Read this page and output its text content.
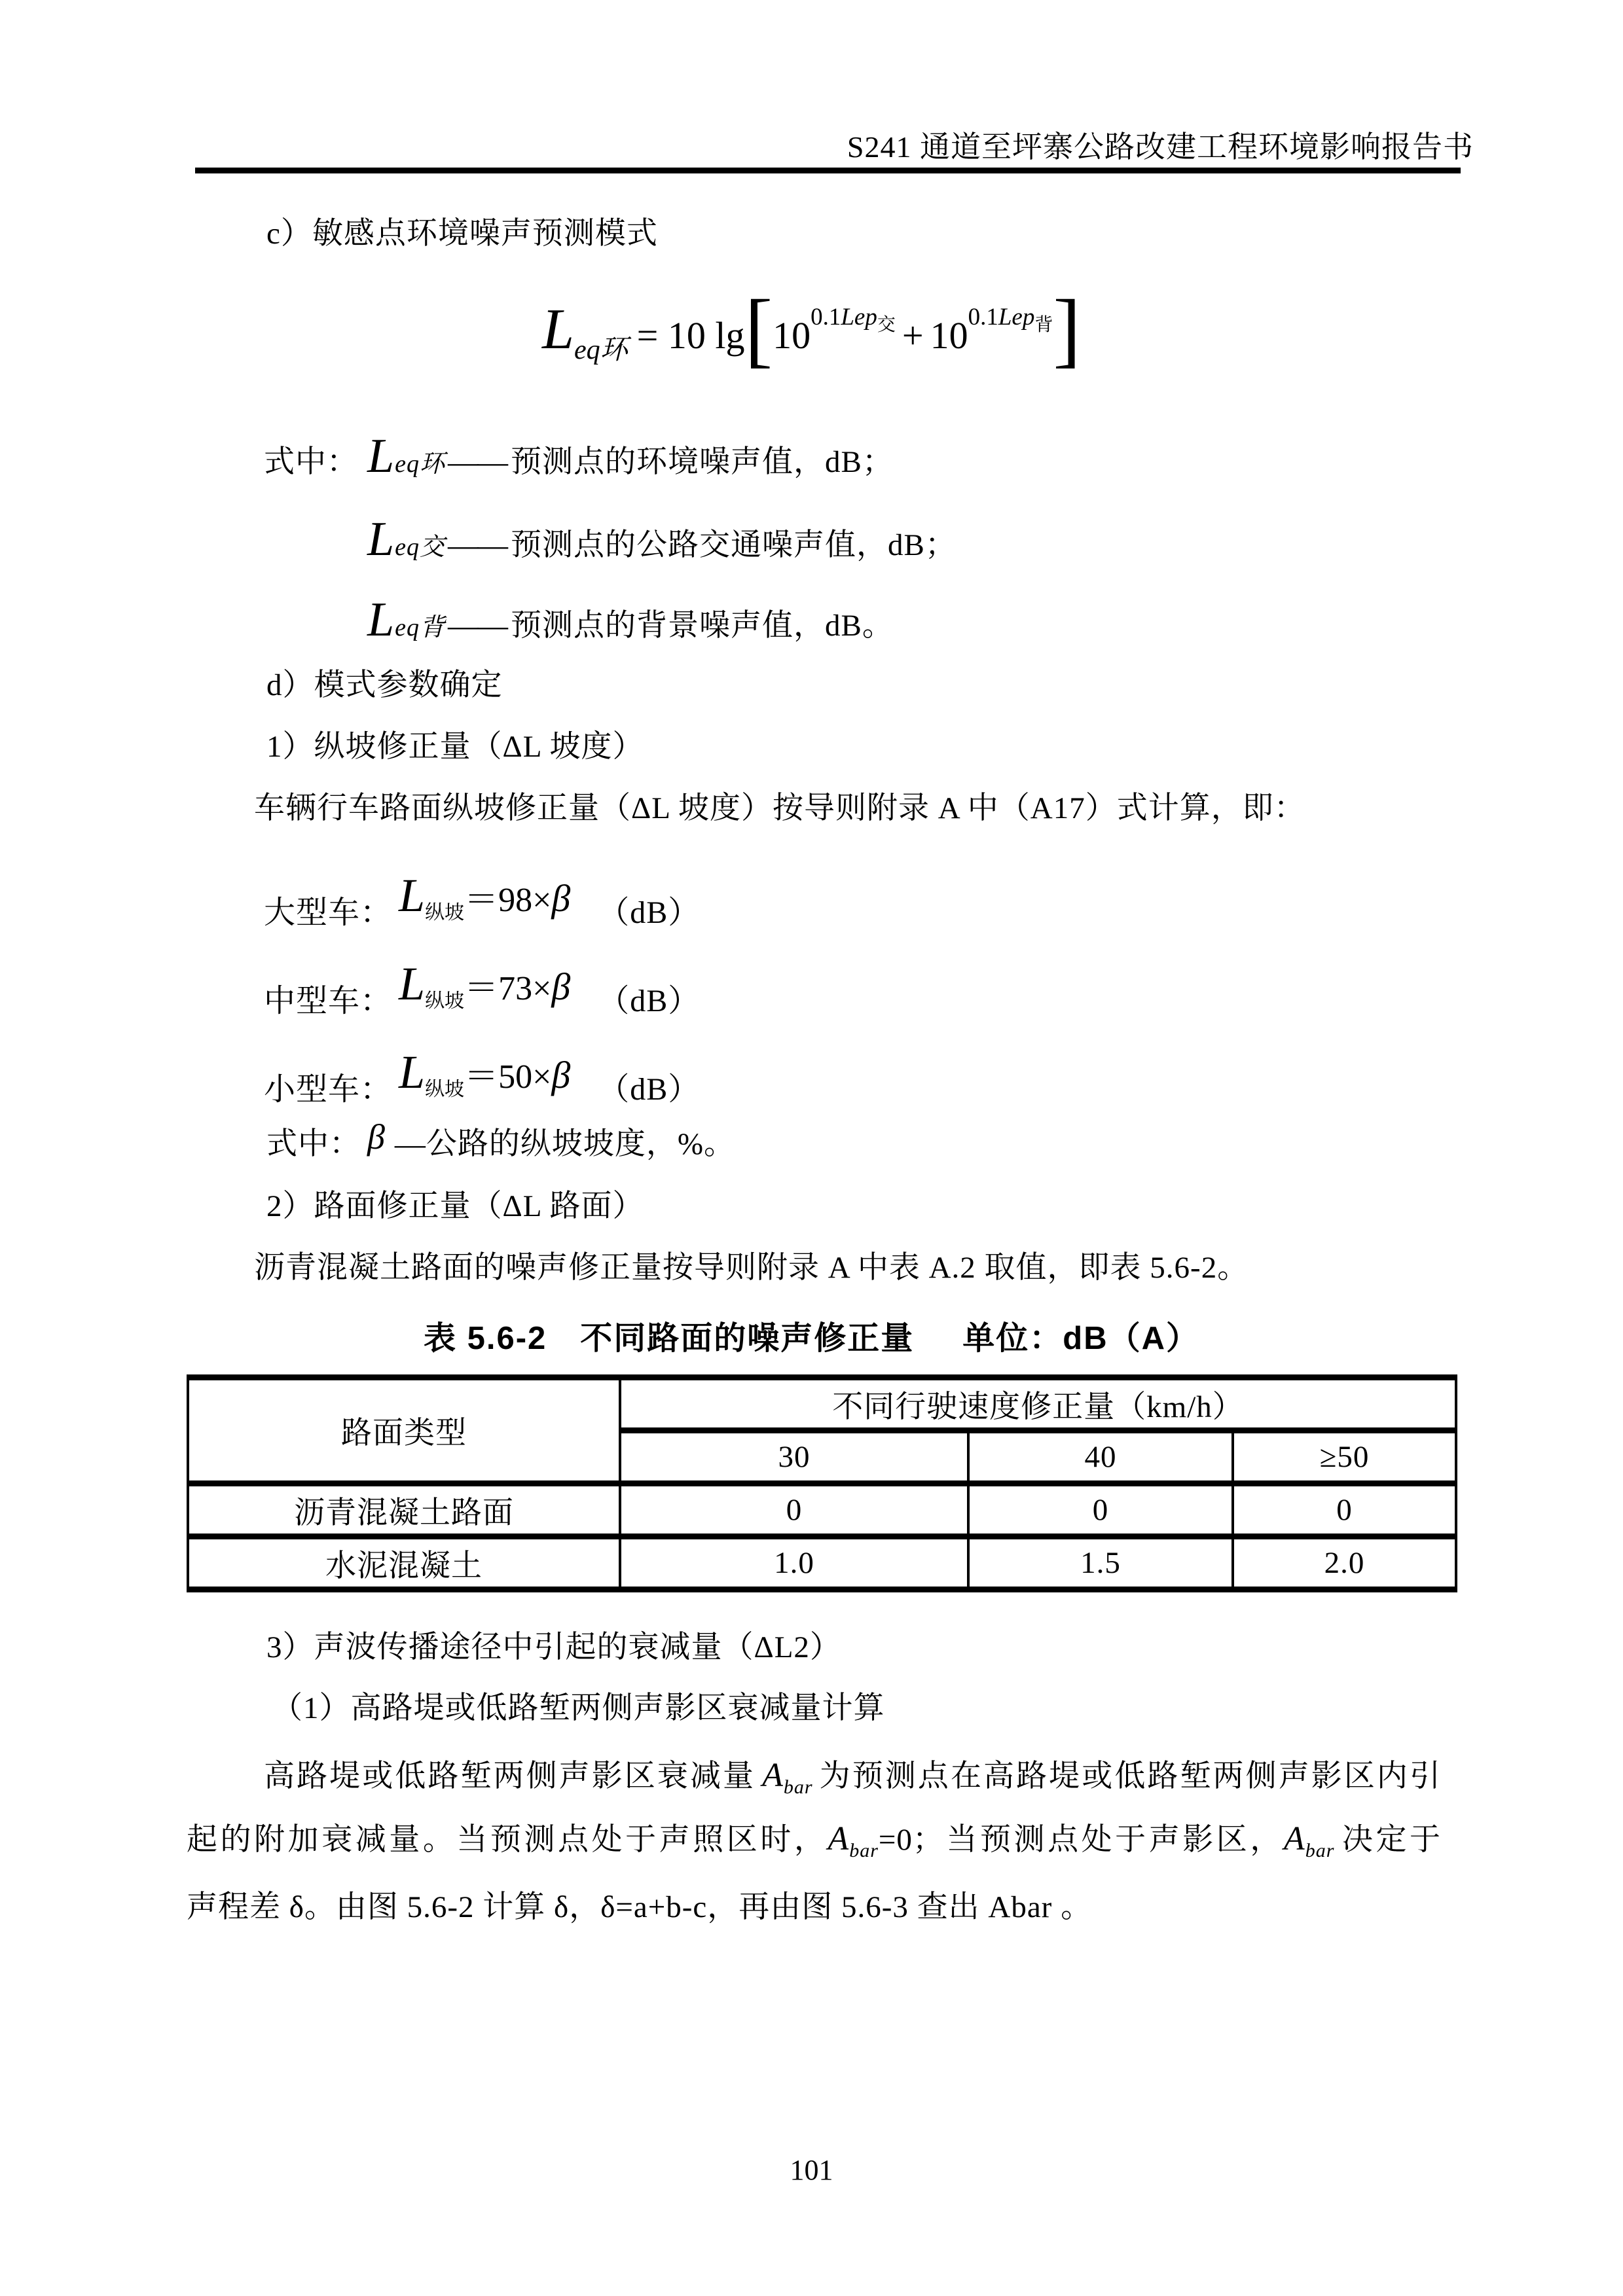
S241 通道至坪寨公路改建工程环境影响报告书
c）敏感点环境噪声预测模式
Leq环 = 10 lg[100.1Lep$_交$ + 100.1Lep$_背$]
式中： L eq环 —— 预测点的环境噪声值，dB；
L eq交 —— 预测点的公路交通噪声值，dB；
L eq背 —— 预测点的背景噪声值，dB。
d）模式参数确定
1）纵坡修正量（ΔL 坡度）
车辆行车路面纵坡修正量（ΔL 坡度）按导则附录 A 中（A17）式计算，即：
大型车： $L_{纵坡}=98\times\beta$ （dB）
中型车： $L_{纵坡}=73\times\beta$ （dB）
小型车： $L_{纵坡}=50\times\beta$ （dB）
式中： β —公路的纵坡坡度，%。
2）路面修正量（ΔL 路面）
沥青混凝土路面的噪声修正量按导则附录 A 中表 A.2 取值，即表 5.6-2。
表 5.6-2　不同路面的噪声修正量 单位：dB（A）
路面类型	不同行驶速度修正量（km/h）		
	30	40	≥50
沥青混凝土路面	0	0	0
水泥混凝土	1.0	1.5	2.0
3）声波传播途径中引起的衰减量（ΔL2）
（1）高路堤或低路堑两侧声影区衰减量计算
高路堤或低路堑两侧声影区衰减量 $A_{bar}$ 为预测点在高路堤或低路堑两侧声影区内引
起的附加衰减量。当预测点处于声照区时，$A_{bar}=0$；当预测点处于声影区，$A_{bar}$ 决定于
声程差 δ。由图 5.6-2 计算 δ，δ=a+b-c，再由图 5.6-3 查出 Abar 。
101
